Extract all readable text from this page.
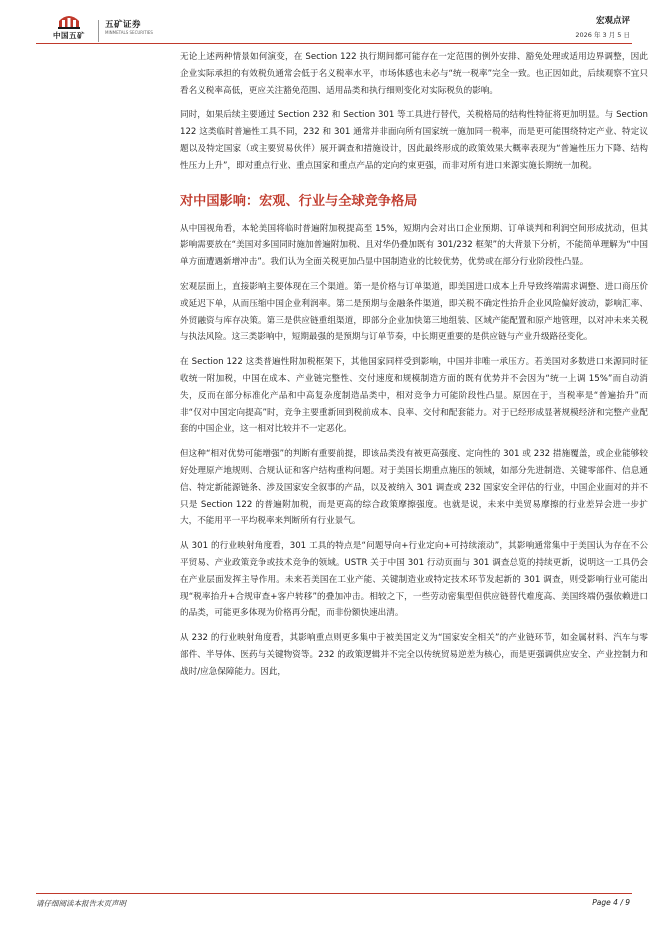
中国五矿
五矿证券
MINMETALS SECURITIES
宏观点评
2026 年 3 月 5 日

无论上述两种情景如何演变，在 Section 122 执行期间都可能存在一定范围的例外安排、豁免处理或适用边界调整，因此企业实际承担的有效税负通常会低于名义税率水平，市场体感也未必与“统一税率”完全一致。也正因如此，后续观察不宜只看名义税率高低，更应关注豁免范围、适用品类和执行细则变化对实际税负的影响。

同时，如果后续主要通过 Section 232 和 Section 301 等工具进行替代，关税格局的结构性特征将更加明显。与 Section 122 这类临时普遍性工具不同，232 和 301 通常并非面向所有国家统一施加同一税率，而是更可能围绕特定产业、特定议题以及特定国家（或主要贸易伙伴）展开调查和措施设计，因此最终形成的政策效果大概率表现为“普遍性压力下降、结构性压力上升”，即对重点行业、重点国家和重点产品的定向约束更强，而非对所有进口来源实施长期统一加税。

对中国影响：宏观、行业与全球竞争格局

从中国视角看，本轮美国将临时普遍附加税提高至 15%，短期内会对出口企业预期、订单谈判和利润空间形成扰动，但其影响需要放在“美国对多国同时施加普遍附加税、且对华仍叠加既有 301/232 框架”的大背景下分析，不能简单理解为“中国单方面遭遇新增冲击”。我们认为全面关税更加凸显中国制造业的比较优势，优势或在部分行业阶段性凸显。

宏观层面上，直接影响主要体现在三个渠道。第一是价格与订单渠道，即美国进口成本上升导致终端需求调整、进口商压价或延迟下单，从而压缩中国企业利润率。第二是预期与金融条件渠道，即关税不确定性抬升企业风险偏好波动，影响汇率、外贸融资与库存决策。第三是供应链重组渠道，即部分企业加快第三地组装、区域产能配置和原产地管理，以对冲未来关税与执法风险。这三类影响中，短期最强的是预期与订单节奏，中长期更重要的是供应链与产业升级路径变化。

在 Section 122 这类普遍性附加税框架下，其他国家同样受到影响，中国并非唯一承压方。若美国对多数进口来源同时征收统一附加税，中国在成本、产业链完整性、交付速度和规模制造方面的既有优势并不会因为“统一上调 15%”而自动消失，反而在部分标准化产品和中高复杂度制造品类中，相对竞争力可能阶段性凸显。原因在于，当税率是“普遍抬升”而非“仅对中国定向提高”时，竞争主要重新回到税前成本、良率、交付和配套能力。对于已经形成显著规模经济和完整产业配套的中国企业，这一相对比较并不一定恶化。

但这种“相对优势可能增强”的判断有重要前提，即该品类没有被更高强度、定向性的 301 或 232 措施覆盖，或企业能够较好处理原产地规则、合规认证和客户结构重构问题。对于美国长期重点施压的领域，如部分先进制造、关键零部件、信息通信、特定新能源链条、涉及国家安全叙事的产品，以及被纳入 301 调查或 232 国家安全评估的行业，中国企业面对的并不只是 Section 122 的普遍附加税，而是更高的综合政策摩擦强度。也就是说，未来中美贸易摩擦的行业差异会进一步扩大，不能用平一平均税率来判断所有行业景气。

从 301 的行业映射角度看，301 工具的特点是“问题导向+行业定向+可持续滚动”，其影响通常集中于美国认为存在不公平贸易、产业政策竞争或技术竞争的领域。USTR 关于中国 301 行动页面与 301 调查总览的持续更新，说明这一工具仍会在产业层面发挥主导作用。未来若美国在工业产能、关键制造业或特定技术环节发起新的 301 调查，则受影响行业可能出现“税率抬升+合规审查+客户转移”的叠加冲击。相较之下，一些劳动密集型但供应链替代难度高、美国终端仍强依赖进口的品类，可能更多体现为价格再分配，而非份额快速出清。

从 232 的行业映射角度看，其影响重点则更多集中于被美国定义为“国家安全相关”的产业链环节，如金属材料、汽车与零部件、半导体、医药与关键物资等。232 的政策逻辑并不完全以传统贸易逆差为核心，而是更强调供应安全、产业控制力和战时/应急保障能力。因此，

请仔细阅读本报告末页声明	Page 4 / 9
